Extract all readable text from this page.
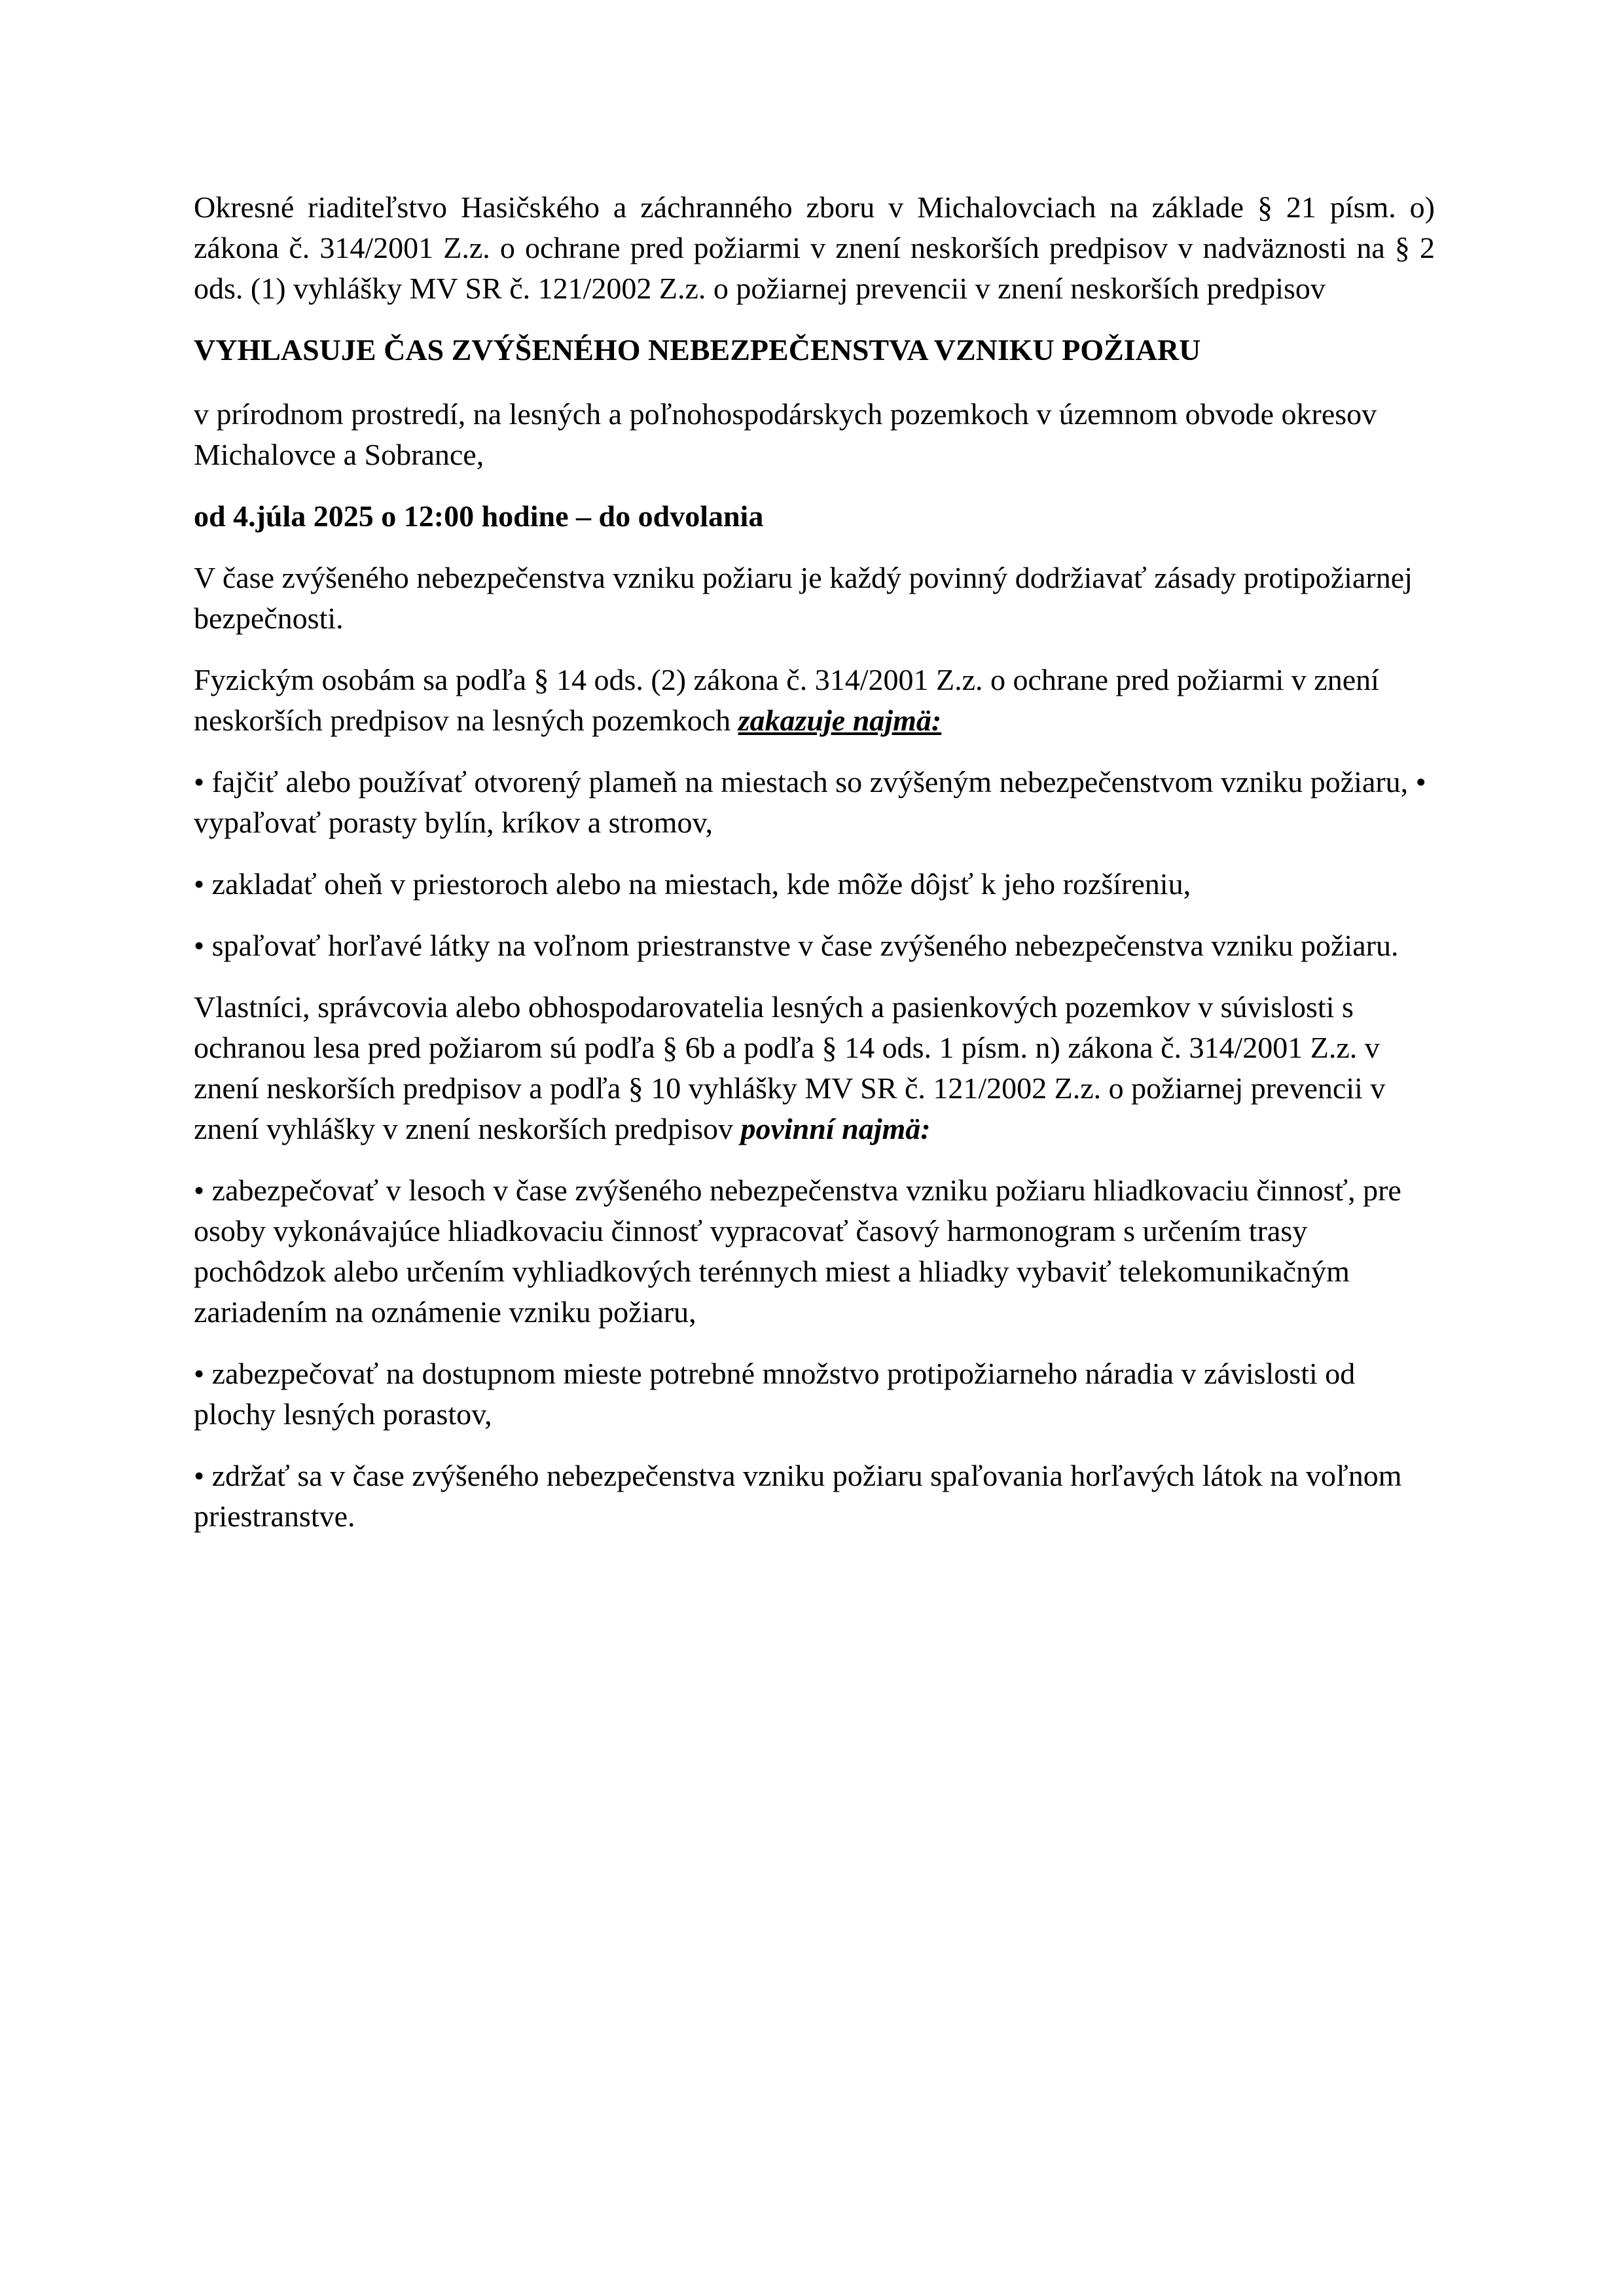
Okresné riaditeľstvo Hasičského a záchranného zboru v Michalovciach na základe § 21 písm. o) zákona č. 314/2001 Z.z. o ochrane pred požiarmi v znení neskorších predpisov v nadväznosti na § 2 ods. (1) vyhlášky MV SR č. 121/2002 Z.z. o požiarnej prevencii v znení neskorších predpisov

VYHLASUJE ČAS ZVÝŠENÉHO NEBEZPEČENSTVA VZNIKU POŽIARU

v prírodnom prostredí, na lesných a poľnohospodárskych pozemkoch v územnom obvode okresov Michalovce a Sobrance,

od 4.júla 2025 o 12:00 hodine – do odvolania

V čase zvýšeného nebezpečenstva vzniku požiaru je každý povinný dodržiavať zásady protipožiarnej bezpečnosti.

Fyzickým osobám sa podľa § 14 ods. (2) zákona č. 314/2001 Z.z. o ochrane pred požiarmi v znení neskorších predpisov na lesných pozemkoch zakazuje najmä:

• fajčiť alebo používať otvorený plameň na miestach so zvýšeným nebezpečenstvom vzniku požiaru, • vypaľovať porasty bylín, kríkov a stromov,

• zakladať oheň v priestoroch alebo na miestach, kde môže dôjsť k jeho rozšíreniu,

• spaľovať horľavé látky na voľnom priestranstve v čase zvýšeného nebezpečenstva vzniku požiaru.

Vlastníci, správcovia alebo obhospodarovatelia lesných a pasienkových pozemkov v súvislosti s ochranou lesa pred požiarom sú podľa § 6b a podľa § 14 ods. 1 písm. n) zákona č. 314/2001 Z.z. v znení neskorších predpisov a podľa § 10 vyhlášky MV SR č. 121/2002 Z.z. o požiarnej prevencii v znení vyhlášky v znení neskorších predpisov povinní najmä:

• zabezpečovať v lesoch v čase zvýšeného nebezpečenstva vzniku požiaru hliadkovaciu činnosť, pre osoby vykonávajúce hliadkovaciu činnosť vypracovať časový harmonogram s určením trasy pochôdzok alebo určením vyhliadkových terénnych miest a hliadky vybaviť telekomunikačným zariadením na oznámenie vzniku požiaru,

• zabezpečovať na dostupnom mieste potrebné množstvo protipožiarneho náradia v závislosti od plochy lesných porastov,

• zdržať sa v čase zvýšeného nebezpečenstva vzniku požiaru spaľovania horľavých látok na voľnom priestranstve.
